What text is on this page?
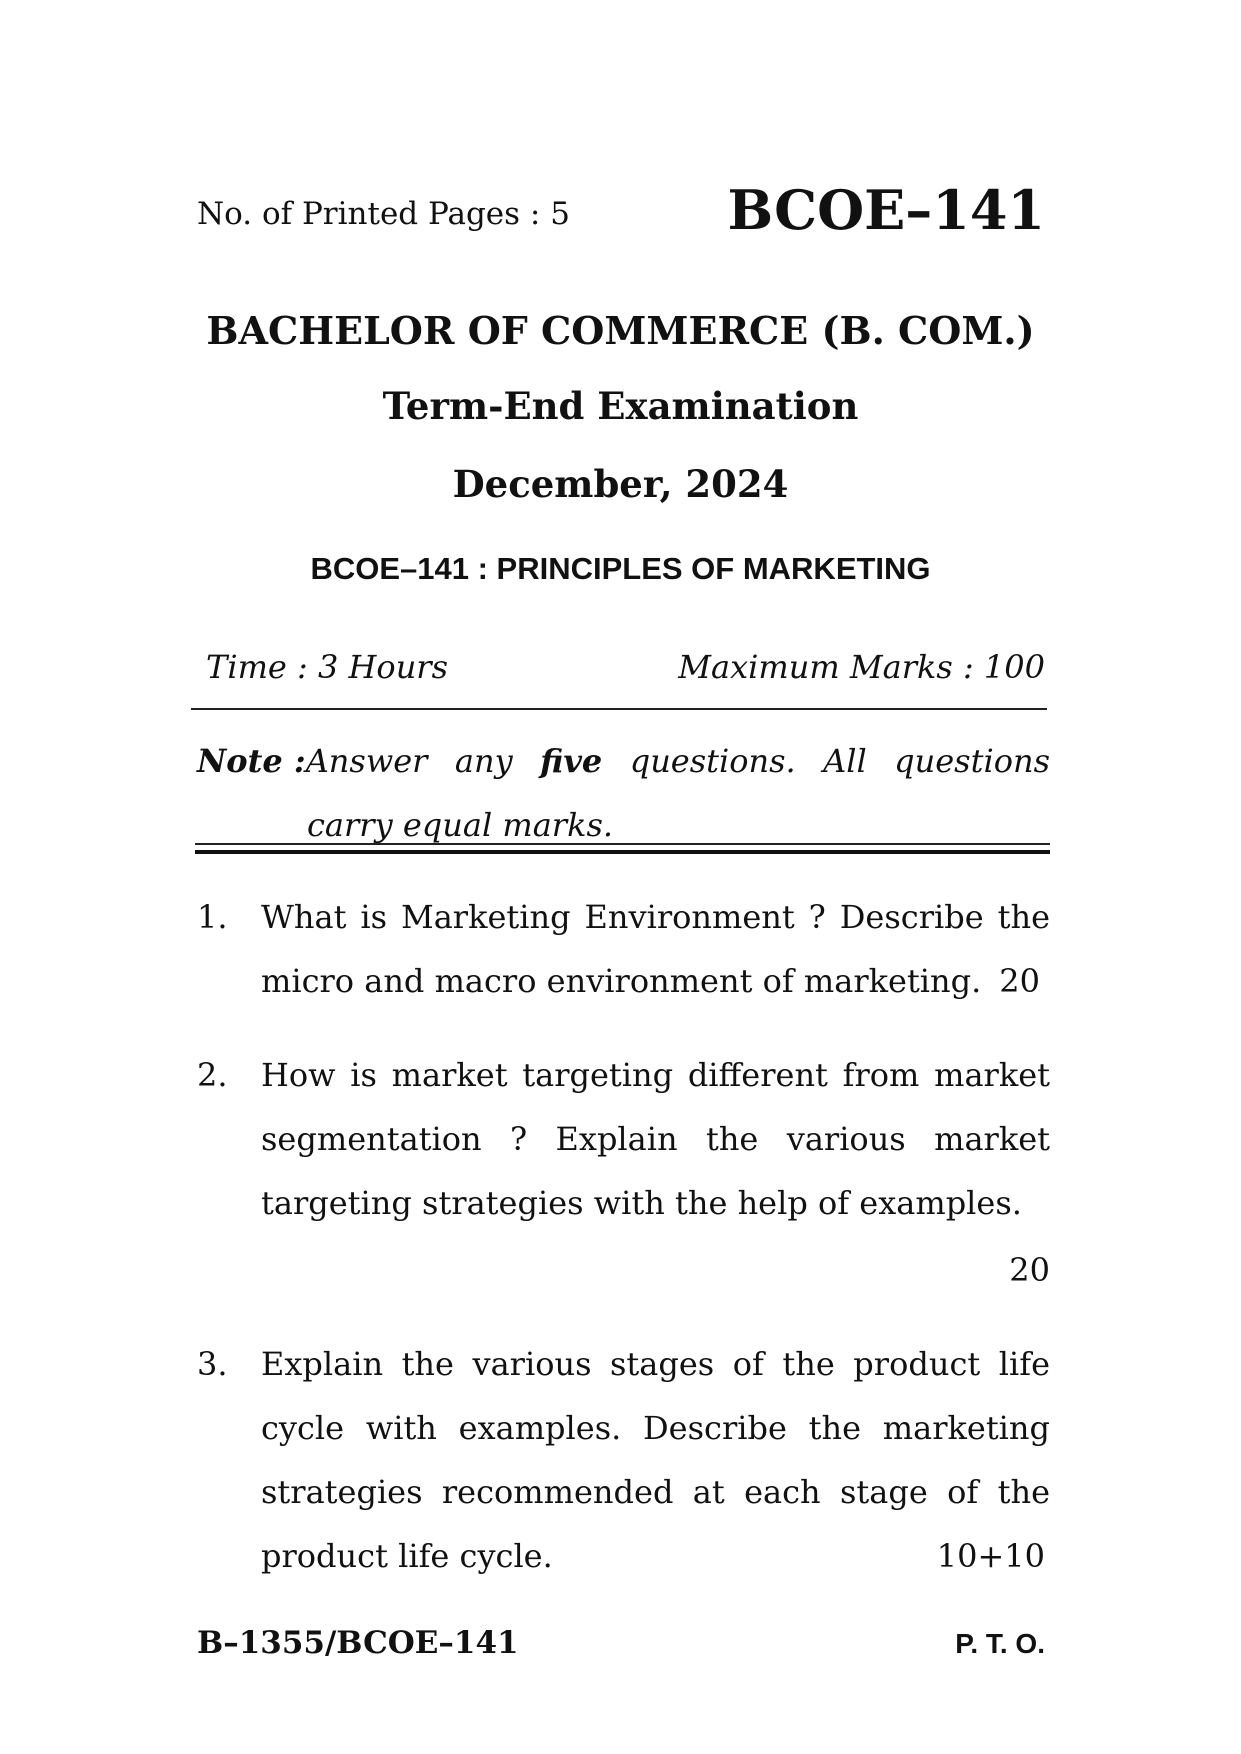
No. of Printed Pages : 5	BCOE–141
BACHELOR OF COMMERCE (B. COM.)
Term-End Examination
December, 2024
BCOE–141 : PRINCIPLES OF MARKETING
Time : 3 Hours	Maximum Marks : 100
Note :Answer any five questions. All questions
carry equal marks.
1. What is Marketing Environment ? Describe the
micro and macro environment of marketing. 20
2. How is market targeting different from market
segmentation ? Explain the various market
targeting strategies with the help of examples.
20
3. Explain the various stages of the product life
cycle with examples. Describe the marketing
strategies recommended at each stage of the
product life cycle.	10+10
B–1355/BCOE–141	P. T. O.
